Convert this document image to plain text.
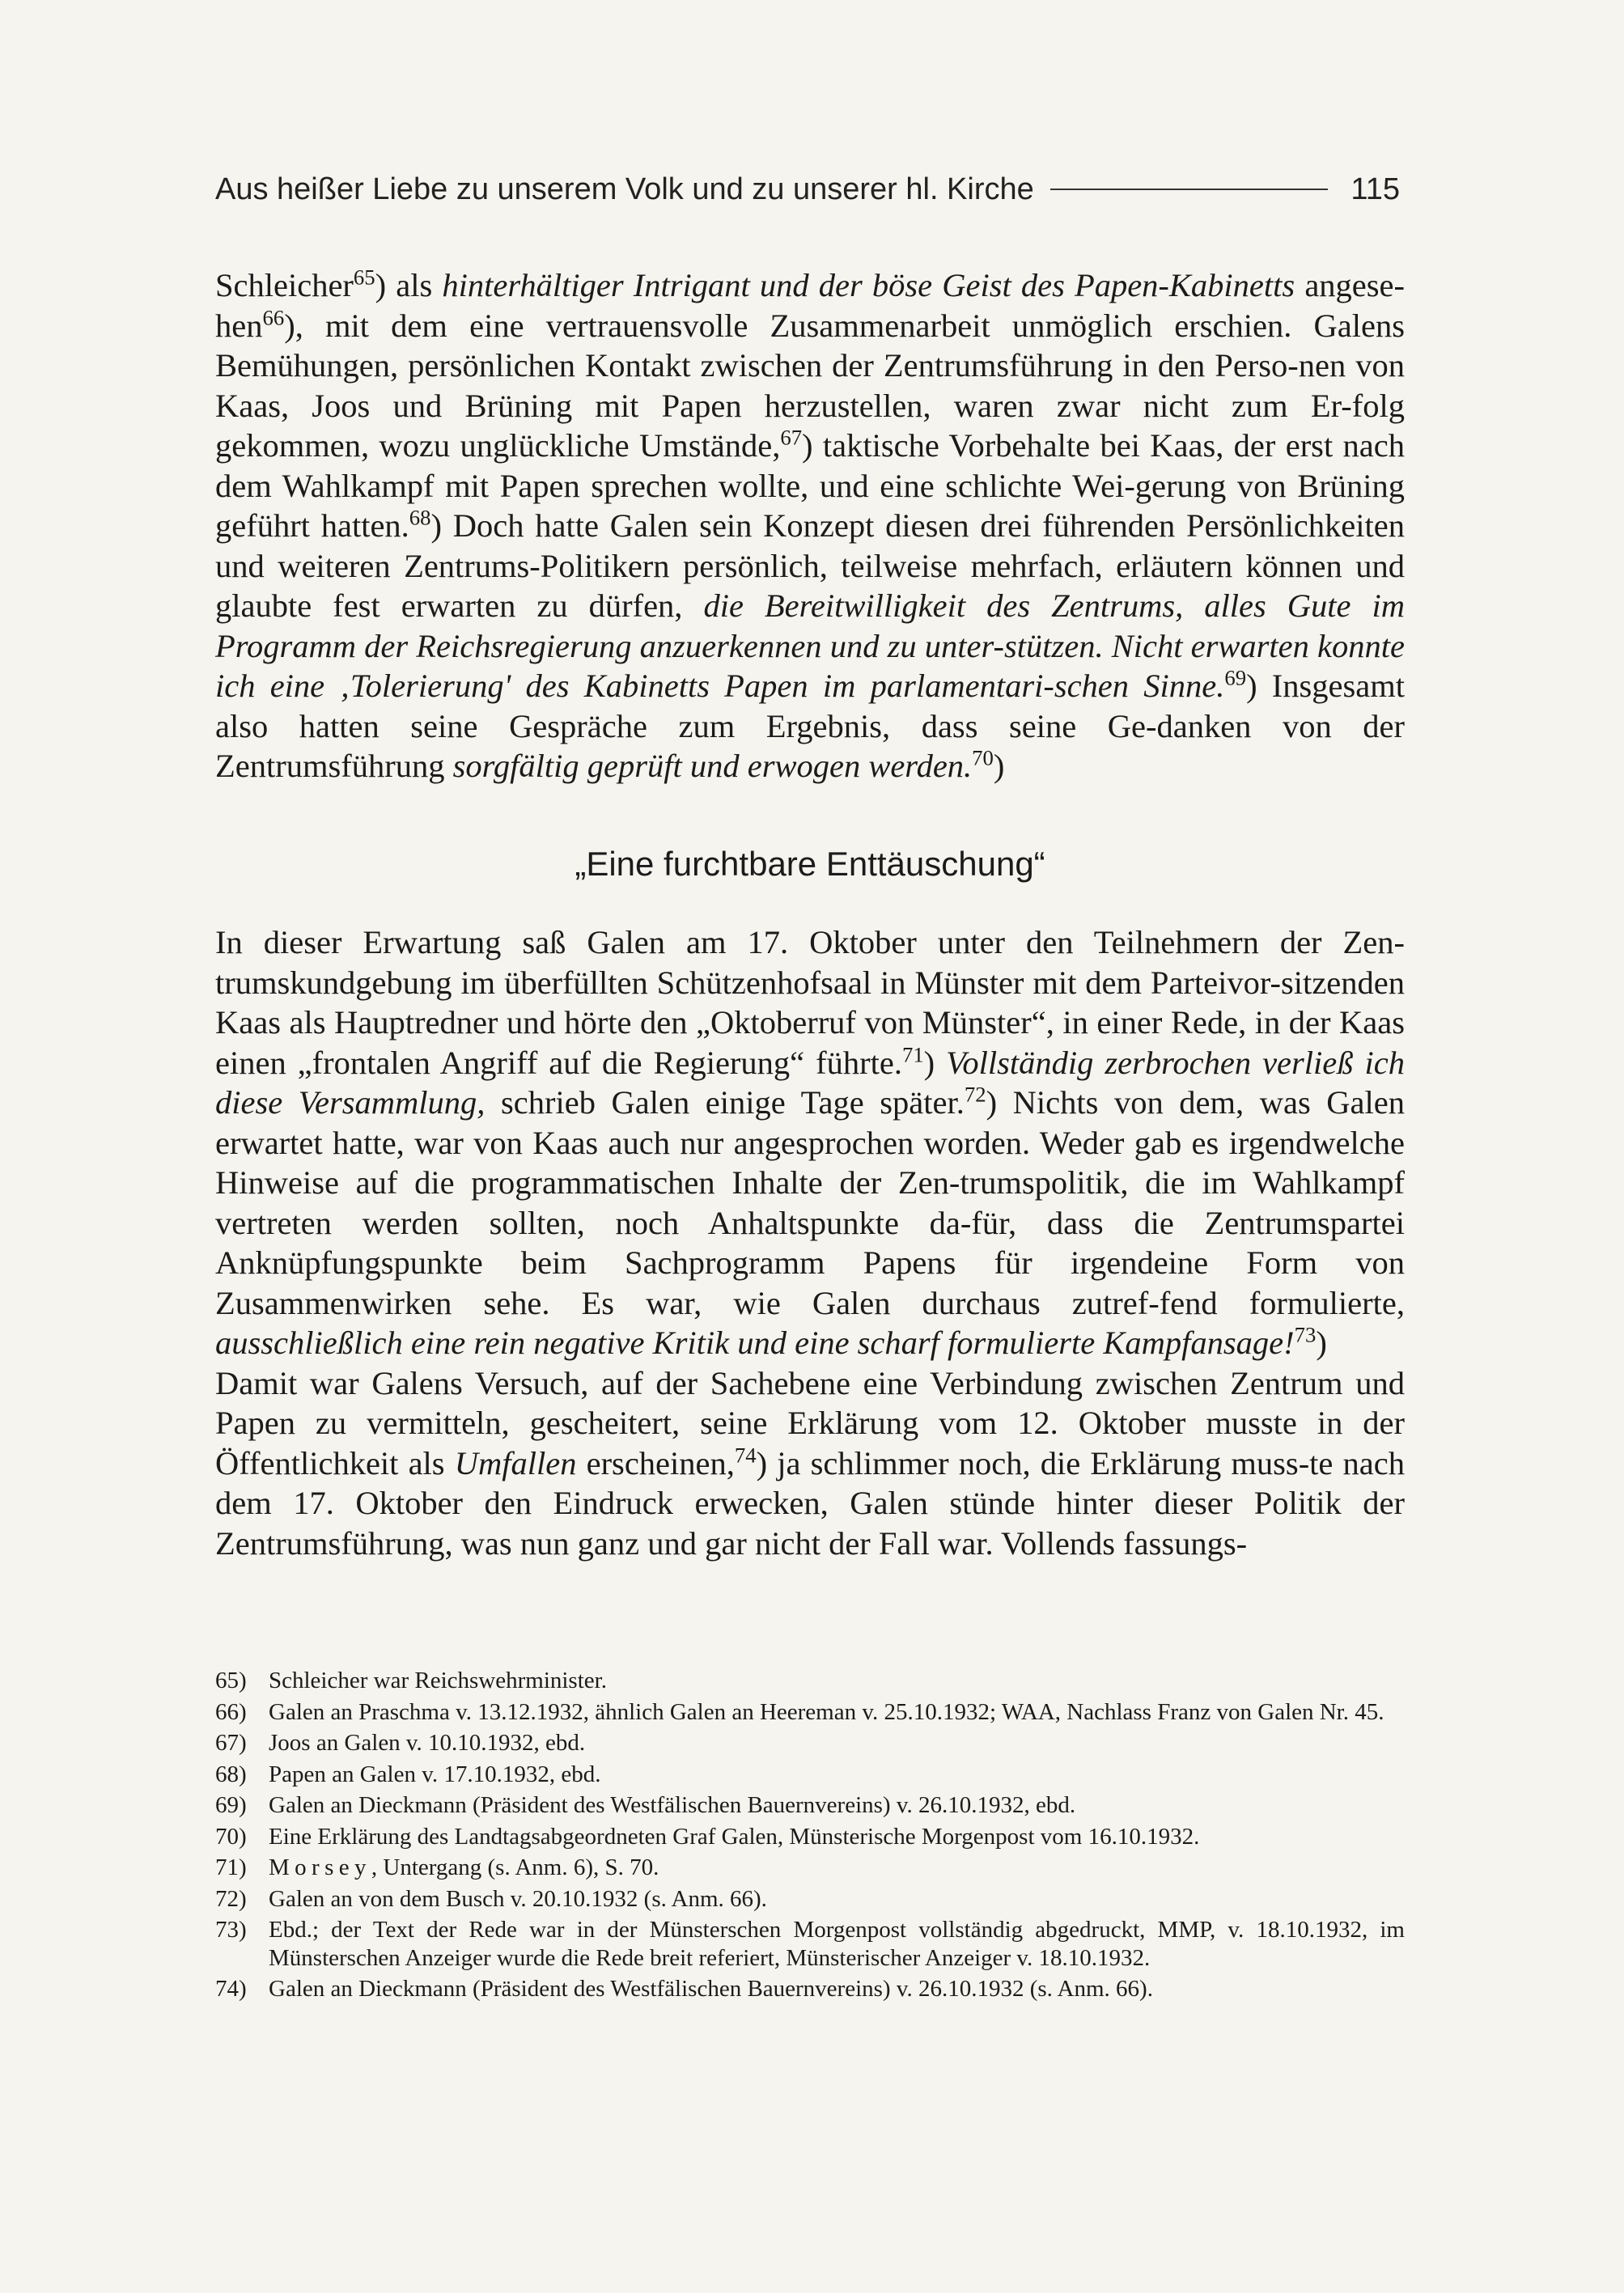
Aus heißer Liebe zu unserem Volk und zu unserer hl. Kirche	115

Schleicher$^{65}$) als hinterhältiger Intrigant und der böse Geist des Papen-Kabinetts angese-hen$^{66}$), mit dem eine vertrauensvolle Zusammenarbeit unmöglich erschien. Galens Bemühungen, persönlichen Kontakt zwischen der Zentrumsführung in den Perso-nen von Kaas, Joos und Brüning mit Papen herzustellen, waren zwar nicht zum Er-folg gekommen, wozu unglückliche Umstände,$^{67}$) taktische Vorbehalte bei Kaas, der erst nach dem Wahlkampf mit Papen sprechen wollte, und eine schlichte Wei-gerung von Brüning geführt hatten.$^{68}$) Doch hatte Galen sein Konzept diesen drei führenden Persönlichkeiten und weiteren Zentrums-Politikern persönlich, teilweise mehrfach, erläutern können und glaubte fest erwarten zu dürfen, die Bereitwilligkeit des Zentrums, alles Gute im Programm der Reichsregierung anzuerkennen und zu unter-stützen. Nicht erwarten konnte ich eine ‚Tolerierung' des Kabinetts Papen im parlamentari-schen Sinne.$^{69}$) Insgesamt also hatten seine Gespräche zum Ergebnis, dass seine Ge-danken von der Zentrumsführung sorgfältig geprüft und erwogen werden.$^{70}$)

„Eine furchtbare Enttäuschung“

In dieser Erwartung saß Galen am 17. Oktober unter den Teilnehmern der Zen-trumskundgebung im überfüllten Schützenhofsaal in Münster mit dem Parteivor-sitzenden Kaas als Hauptredner und hörte den „Oktoberruf von Münster“, in einer Rede, in der Kaas einen „frontalen Angriff auf die Regierung“ führte.$^{71}$) Vollständig zerbrochen verließ ich diese Versammlung, schrieb Galen einige Tage später.$^{72}$) Nichts von dem, was Galen erwartet hatte, war von Kaas auch nur angesprochen worden. Weder gab es irgendwelche Hinweise auf die programmatischen Inhalte der Zen-trumspolitik, die im Wahlkampf vertreten werden sollten, noch Anhaltspunkte da-für, dass die Zentrumspartei Anknüpfungspunkte beim Sachprogramm Papens für irgendeine Form von Zusammenwirken sehe. Es war, wie Galen durchaus zutref-fend formulierte, ausschließlich eine rein negative Kritik und eine scharf formulierte Kampfansage!$^{73}$)

Damit war Galens Versuch, auf der Sachebene eine Verbindung zwischen Zentrum und Papen zu vermitteln, gescheitert, seine Erklärung vom 12. Oktober musste in der Öffentlichkeit als Umfallen erscheinen,$^{74}$) ja schlimmer noch, die Erklärung muss-te nach dem 17. Oktober den Eindruck erwecken, Galen stünde hinter dieser Politik der Zentrumsführung, was nun ganz und gar nicht der Fall war. Vollends fassungs-

65) Schleicher war Reichswehrminister.
66) Galen an Praschma v. 13.12.1932, ähnlich Galen an Heereman v. 25.10.1932; WAA, Nachlass Franz von Galen Nr. 45.
67) Joos an Galen v. 10.10.1932, ebd.
68) Papen an Galen v. 17.10.1932, ebd.
69) Galen an Dieckmann (Präsident des Westfälischen Bauernvereins) v. 26.10.1932, ebd.
70) Eine Erklärung des Landtagsabgeordneten Graf Galen, Münsterische Morgenpost vom 16.10.1932.
71) Morsey, Untergang (s. Anm. 6), S. 70.
72) Galen an von dem Busch v. 20.10.1932 (s. Anm. 66).
73) Ebd.; der Text der Rede war in der Münsterschen Morgenpost vollständig abgedruckt, MMP, v. 18.10.1932, im Münsterschen Anzeiger wurde die Rede breit referiert, Münsterischer Anzeiger v. 18.10.1932.
74) Galen an Dieckmann (Präsident des Westfälischen Bauernvereins) v. 26.10.1932 (s. Anm. 66).
